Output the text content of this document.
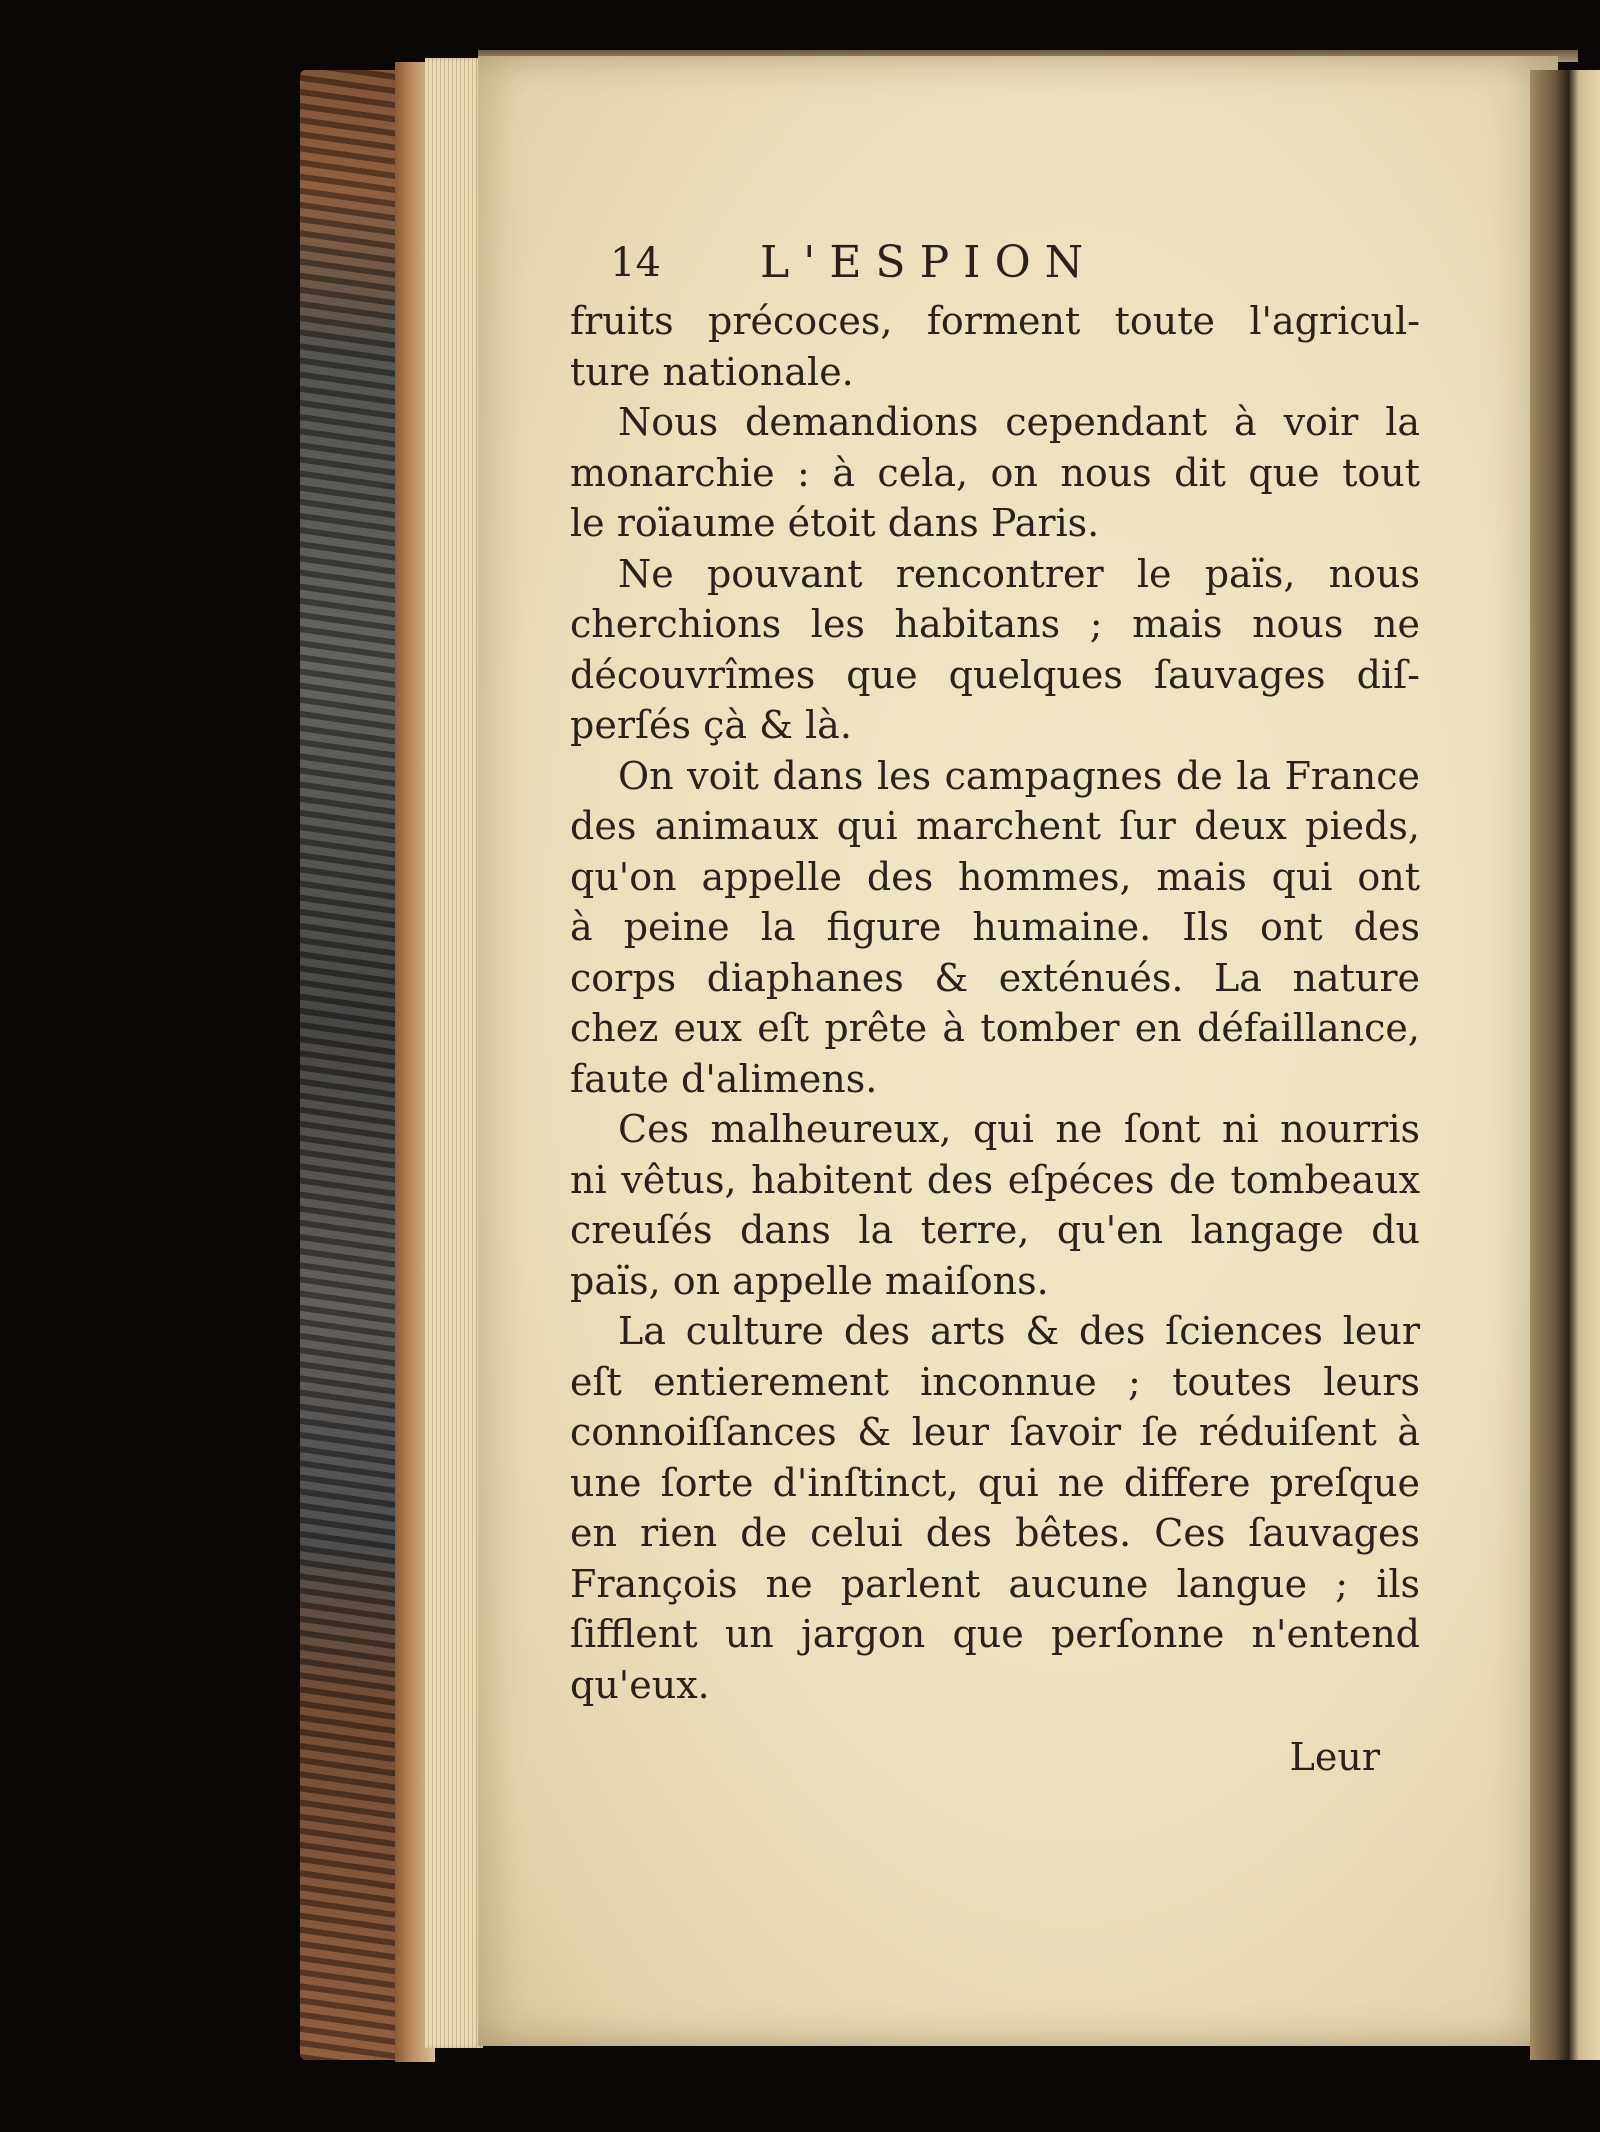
14 L'ESPION
fruits précoces, forment toute l'agricul-
ture nationale.
Nous demandions cependant à voir la
monarchie : à cela, on nous dit que tout
le roïaume étoit dans Paris.
Ne pouvant rencontrer le païs, nous
cherchions les habitans ; mais nous ne
découvrîmes que quelques ſauvages diſ-
perſés çà & là.
On voit dans les campagnes de la France
des animaux qui marchent ſur deux pieds,
qu'on appelle des hommes, mais qui ont
à peine la figure humaine. Ils ont des
corps diaphanes & exténués. La nature
chez eux eſt prête à tomber en défaillance,
faute d'alimens.
Ces malheureux, qui ne ſont ni nourris
ni vêtus, habitent des eſpéces de tombeaux
creuſés dans la terre, qu'en langage du
païs, on appelle maiſons.
La culture des arts & des ſciences leur
eſt entierement inconnue ; toutes leurs
connoiſſances & leur ſavoir ſe réduiſent à
une ſorte d'inſtinct, qui ne differe preſque
en rien de celui des bêtes. Ces ſauvages
François ne parlent aucune langue ; ils
ſifflent un jargon que perſonne n'entend
qu'eux.
Leur
